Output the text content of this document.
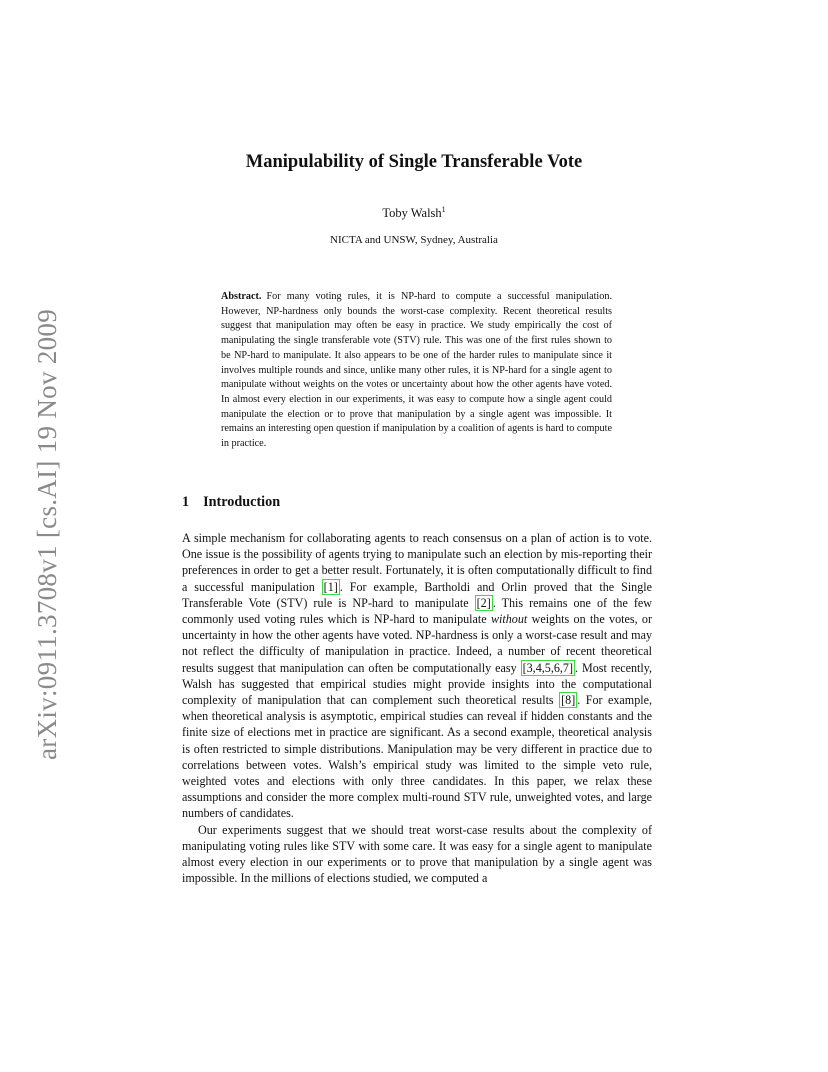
arXiv:0911.3708v1 [cs.AI] 19 Nov 2009
Manipulability of Single Transferable Vote
Toby Walsh$^1$
NICTA and UNSW, Sydney, Australia
Abstract. For many voting rules, it is NP-hard to compute a successful manipulation. However, NP-hardness only bounds the worst-case complexity. Recent theoretical results suggest that manipulation may often be easy in practice. We study empirically the cost of manipulating the single transferable vote (STV) rule. This was one of the first rules shown to be NP-hard to manipulate. It also appears to be one of the harder rules to manipulate since it involves multiple rounds and since, unlike many other rules, it is NP-hard for a single agent to manipulate without weights on the votes or uncertainty about how the other agents have voted. In almost every election in our experiments, it was easy to compute how a single agent could manipulate the election or to prove that manipulation by a single agent was impossible. It remains an interesting open question if manipulation by a coalition of agents is hard to compute in practice.
1 Introduction

A simple mechanism for collaborating agents to reach consensus on a plan of action is to vote. One issue is the possibility of agents trying to manipulate such an election by mis-reporting their preferences in order to get a better result. Fortunately, it is often computationally difficult to find a successful manipulation [1] . For example, Bartholdi and Orlin proved that the Single Transferable Vote (STV) rule is NP-hard to manipulate [2] . This remains one of the few commonly used voting rules which is NP-hard to manipulate without weights on the votes, or uncertainty in how the other agents have voted. NP-hardness is only a worst-case result and may not reflect the difficulty of manipulation in practice. Indeed, a number of recent theoretical results suggest that manipulation can often be computationally easy [3,4,5,6,7] . Most recently, Walsh has suggested that empirical studies might provide insights into the computational complexity of manipulation that can complement such theoretical results [8] . For example, when theoretical analysis is asymptotic, empirical studies can reveal if hidden constants and the finite size of elections met in practice are significant. As a second example, theoretical analysis is often restricted to simple distributions. Manipulation may be very different in practice due to correlations between votes. Walsh’s empirical study was limited to the simple veto rule, weighted votes and elections with only three candidates. In this paper, we relax these assumptions and consider the more complex multi-round STV rule, unweighted votes, and large numbers of candidates.

Our experiments suggest that we should treat worst-case results about the complexity of manipulating voting rules like STV with some care. It was easy for a single agent to manipulate almost every election in our experiments or to prove that manipulation by a single agent was impossible. In the millions of elections studied, we computed a
